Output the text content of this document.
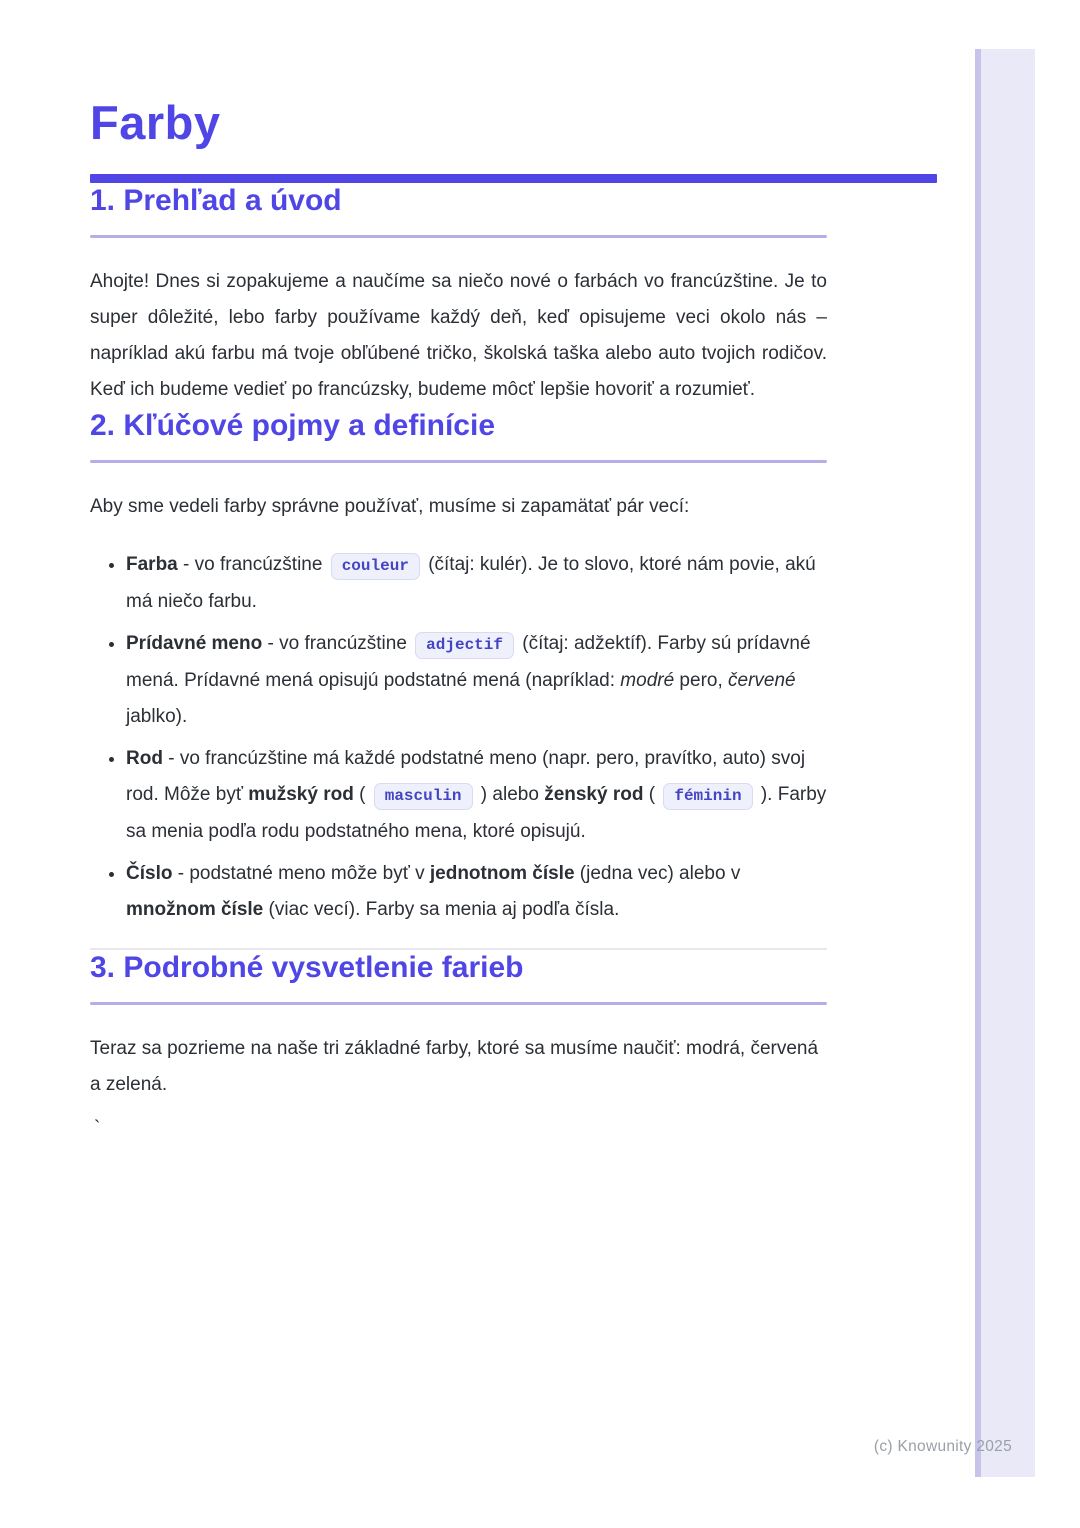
Farby
1. Prehľad a úvod

Ahojte! Dnes si zopakujeme a naučíme sa niečo nové o farbách vo francúzštine. Je to super dôležité, lebo farby používame každý deň, keď opisujeme veci okolo nás – napríklad akú farbu má tvoje obľúbené tričko, školská taška alebo auto tvojich rodičov. Keď ich budeme vedieť po francúzsky, budeme môcť lepšie hovoriť a rozumieť.

2. Kľúčové pojmy a definície

Aby sme vedeli farby správne používať, musíme si zapamätať pár vecí:

• Farba - vo francúzštine couleur (čítaj: kulér). Je to slovo, ktoré nám povie, akú má niečo farbu.
• Prídavné meno - vo francúzštine adjectif (čítaj: adžektíf). Farby sú prídavné mená. Prídavné mená opisujú podstatné mená (napríklad: modré pero, červené jablko).
• Rod - vo francúzštine má každé podstatné meno (napr. pero, pravítko, auto) svoj rod. Môže byť mužský rod ( masculin ) alebo ženský rod ( féminin ). Farby sa menia podľa rodu podstatného mena, ktoré opisujú.
• Číslo - podstatné meno môže byť v jednotnom čísle (jedna vec) alebo v množnom čísle (viac vecí). Farby sa menia aj podľa čísla.
3. Podrobné vysvetlenie farieb

Teraz sa pozrieme na naše tri základné farby, ktoré sa musíme naučiť: modrá, červená a zelená.

`

(c) Knowunity 2025
